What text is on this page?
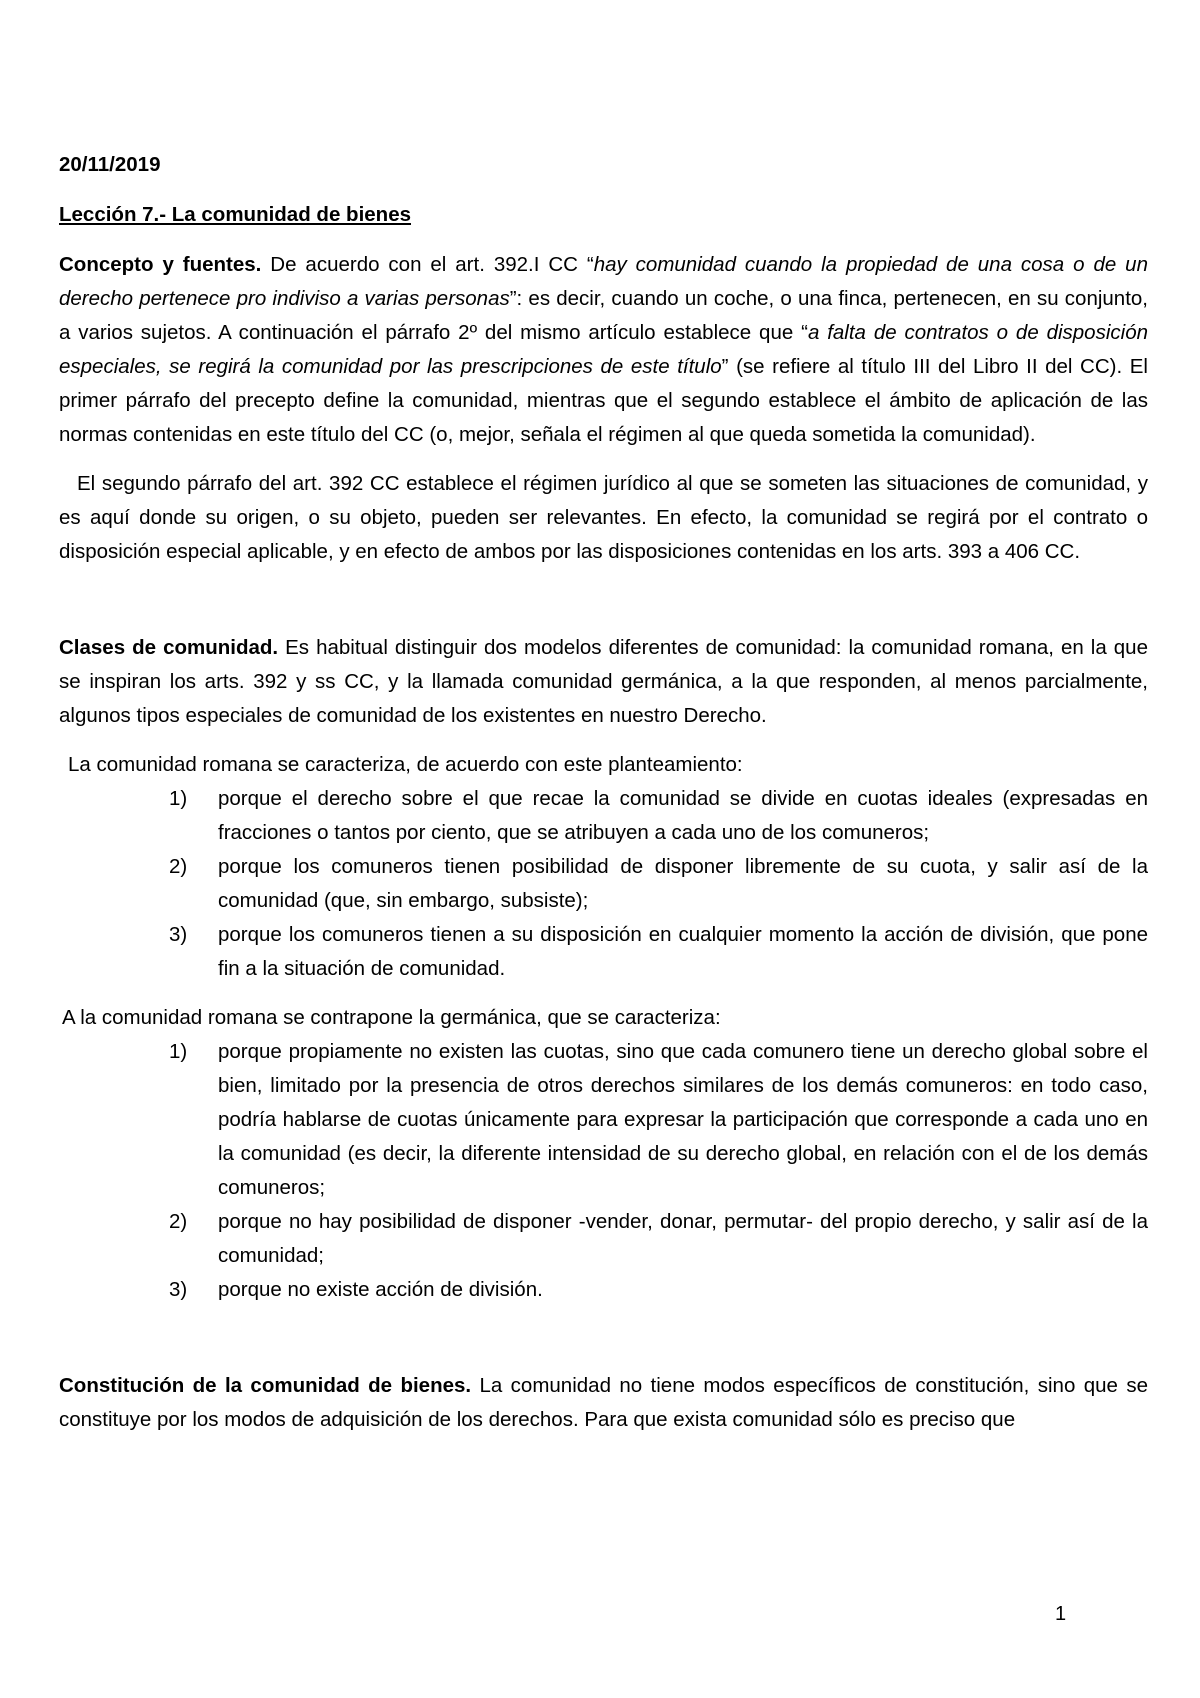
20/11/2019

Lección 7.- La comunidad de bienes

Concepto y fuentes. De acuerdo con el art. 392.I CC “hay comunidad cuando la propiedad de una cosa o de un derecho pertenece pro indiviso a varias personas”: es decir, cuando un coche, o una finca, pertenecen, en su conjunto, a varios sujetos. A continuación el párrafo 2º del mismo artículo establece que “a falta de contratos o de disposición especiales, se regirá la comunidad por las prescripciones de este título” (se refiere al título III del Libro II del CC). El primer párrafo del precepto define la comunidad, mientras que el segundo establece el ámbito de aplicación de las normas contenidas en este título del CC (o, mejor, señala el régimen al que queda sometida la comunidad).

El segundo párrafo del art. 392 CC establece el régimen jurídico al que se someten las situaciones de comunidad, y es aquí donde su origen, o su objeto, pueden ser relevantes. En efecto, la comunidad se regirá por el contrato o disposición especial aplicable, y en efecto de ambos por las disposiciones contenidas en los arts. 393 a 406 CC.

Clases de comunidad. Es habitual distinguir dos modelos diferentes de comunidad: la comunidad romana, en la que se inspiran los arts. 392 y ss CC, y la llamada comunidad germánica, a la que responden, al menos parcialmente, algunos tipos especiales de comunidad de los existentes en nuestro Derecho.

La comunidad romana se caracteriza, de acuerdo con este planteamiento:

1) porque el derecho sobre el que recae la comunidad se divide en cuotas ideales (expresadas en fracciones o tantos por ciento, que se atribuyen a cada uno de los comuneros;
2) porque los comuneros tienen posibilidad de disponer libremente de su cuota, y salir así de la comunidad (que, sin embargo, subsiste);
3) porque los comuneros tienen a su disposición en cualquier momento la acción de división, que pone fin a la situación de comunidad.

A la comunidad romana se contrapone la germánica, que se caracteriza:

1) porque propiamente no existen las cuotas, sino que cada comunero tiene un derecho global sobre el bien, limitado por la presencia de otros derechos similares de los demás comuneros: en todo caso, podría hablarse de cuotas únicamente para expresar la participación que corresponde a cada uno en la comunidad (es decir, la diferente intensidad de su derecho global, en relación con el de los demás comuneros;
2) porque no hay posibilidad de disponer -vender, donar, permutar- del propio derecho, y salir así de la comunidad;
3) porque no existe acción de división.

Constitución de la comunidad de bienes. La comunidad no tiene modos específicos de constitución, sino que se constituye por los modos de adquisición de los derechos. Para que exista comunidad sólo es preciso que

1
